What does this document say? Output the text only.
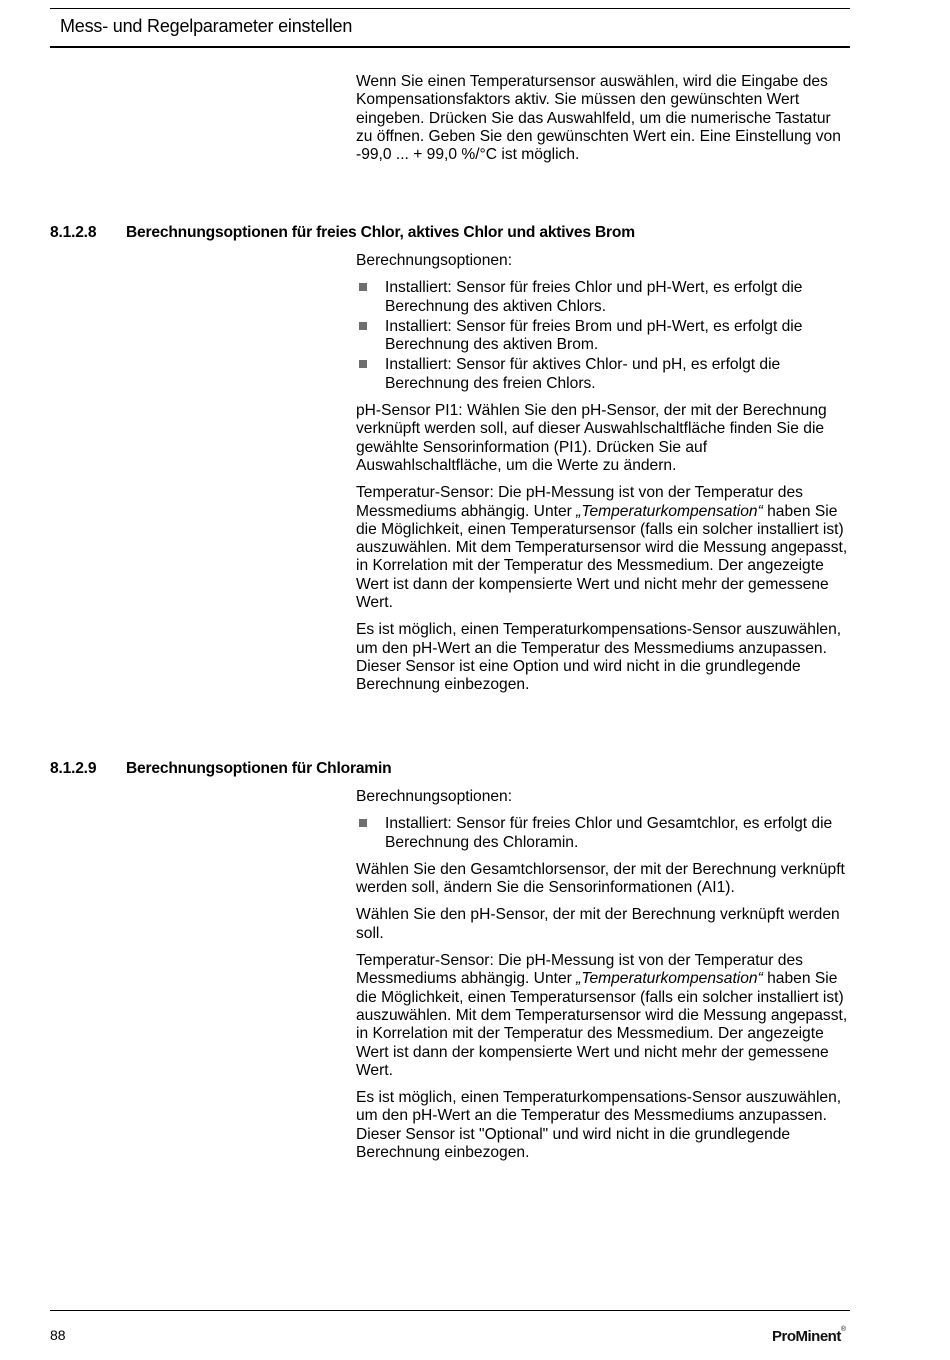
Mess- und Regelparameter einstellen

Wenn Sie einen Temperatursensor auswählen, wird die Eingabe des Kompensationsfaktors aktiv. Sie müssen den gewünschten Wert eingeben. Drücken Sie das Auswahlfeld, um die numerische Tastatur zu öffnen. Geben Sie den gewünschten Wert ein. Eine Einstellung von -99,0 ... + 99,0 %/°C ist möglich.

8.1.2.8 Berechnungsoptionen für freies Chlor, aktives Chlor und aktives Brom

Berechnungsoptionen:

Installiert: Sensor für freies Chlor und pH-Wert, es erfolgt die Berechnung des aktiven Chlors.
Installiert: Sensor für freies Brom und pH-Wert, es erfolgt die Berechnung des aktiven Brom.
Installiert: Sensor für aktives Chlor- und pH, es erfolgt die Berechnung des freien Chlors.

pH-Sensor PI1: Wählen Sie den pH-Sensor, der mit der Berechnung verknüpft werden soll, auf dieser Auswahlschaltfläche finden Sie die gewählte Sensorinformation (PI1). Drücken Sie auf Auswahlschaltfläche, um die Werte zu ändern.

Temperatur-Sensor: Die pH-Messung ist von der Temperatur des Messmediums abhängig. Unter „Temperaturkompensation“ haben Sie die Möglichkeit, einen Temperatursensor (falls ein solcher installiert ist) auszuwählen. Mit dem Temperatursensor wird die Messung angepasst, in Korrelation mit der Temperatur des Messmedium. Der angezeigte Wert ist dann der kompensierte Wert und nicht mehr der gemessene Wert.

Es ist möglich, einen Temperaturkompensations-Sensor auszuwählen, um den pH-Wert an die Temperatur des Messmediums anzupassen. Dieser Sensor ist eine Option und wird nicht in die grundlegende Berechnung einbezogen.

8.1.2.9 Berechnungsoptionen für Chloramin

Berechnungsoptionen:

Installiert: Sensor für freies Chlor und Gesamtchlor, es erfolgt die Berechnung des Chloramin.

Wählen Sie den Gesamtchlorsensor, der mit der Berechnung verknüpft werden soll, ändern Sie die Sensorinformationen (AI1).

Wählen Sie den pH-Sensor, der mit der Berechnung verknüpft werden soll.

Temperatur-Sensor: Die pH-Messung ist von der Temperatur des Messmediums abhängig. Unter „Temperaturkompensation“ haben Sie die Möglichkeit, einen Temperatursensor (falls ein solcher installiert ist) auszuwählen. Mit dem Temperatursensor wird die Messung angepasst, in Korrelation mit der Temperatur des Messmedium. Der angezeigte Wert ist dann der kompensierte Wert und nicht mehr der gemessene Wert.

Es ist möglich, einen Temperaturkompensations-Sensor auszuwählen, um den pH-Wert an die Temperatur des Messmediums anzupassen. Dieser Sensor ist "Optional" und wird nicht in die grundlegende Berechnung einbezogen.

88	ProMinent®
